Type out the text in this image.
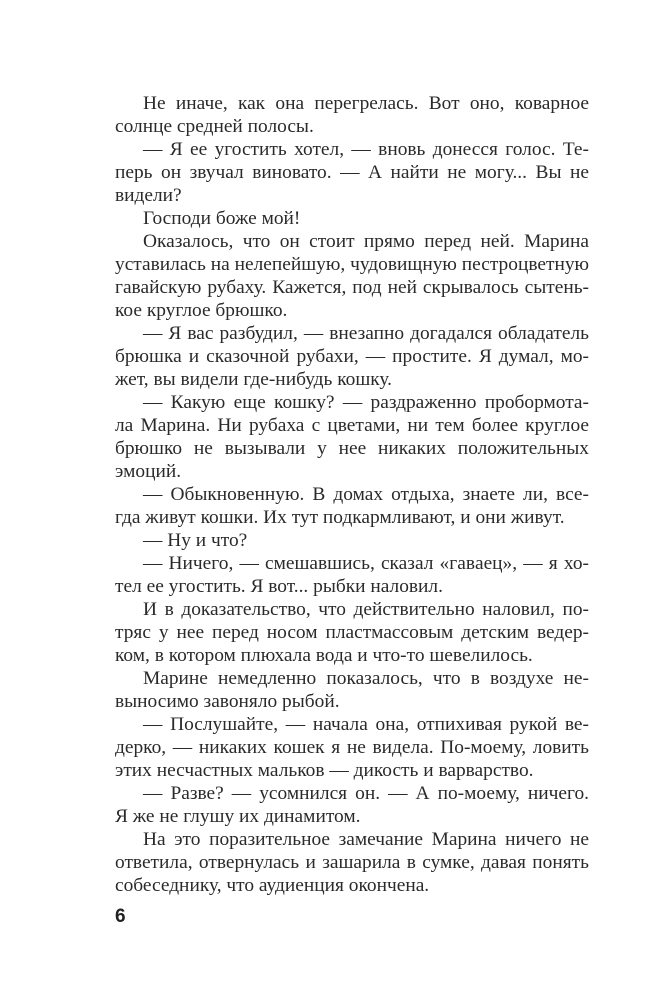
Не иначе, как она перегрелась. Вот оно, коварное
солнце средней полосы.
— Я ее угостить хотел, — вновь донесся голос. Те-
перь он звучал виновато. — А найти не могу... Вы не
видели?
Господи боже мой!
Оказалось, что он стоит прямо перед ней. Марина
уставилась на нелепейшую, чудовищную пестроцветную
гавайскую рубаху. Кажется, под ней скрывалось сытень-
кое круглое брюшко.
— Я вас разбудил, — внезапно догадался обладатель
брюшка и сказочной рубахи, — простите. Я думал, мо-
жет, вы видели где-нибудь кошку.
— Какую еще кошку? — раздраженно пробормота-
ла Марина. Ни рубаха с цветами, ни тем более круглое
брюшко не вызывали у нее никаких положительных
эмоций.
— Обыкновенную. В домах отдыха, знаете ли, все-
гда живут кошки. Их тут подкармливают, и они живут.
— Ну и что?
— Ничего, — смешавшись, сказал «гавaец», — я хо-
тел ее угостить. Я вот... рыбки наловил.
И в доказательство, что действительно наловил, по-
тряс у нее перед носом пластмассовым детским ведер-
ком, в котором плюхала вода и что-то шевелилось.
Марине немедленно показалось, что в воздухе не-
выносимо завоняло рыбой.
— Послушайте, — начала она, отпихивая рукой ве-
дерко, — никаких кошек я не видела. По-моему, ловить
этих несчастных мальков — дикость и варварство.
— Разве? — усомнился он. — А по-моему, ничего.
Я же не глушу их динамитом.
На это поразительное замечание Марина ничего не
ответила, отвернулась и зашарила в сумке, давая понять
собеседнику, что аудиенция окончена.
6
